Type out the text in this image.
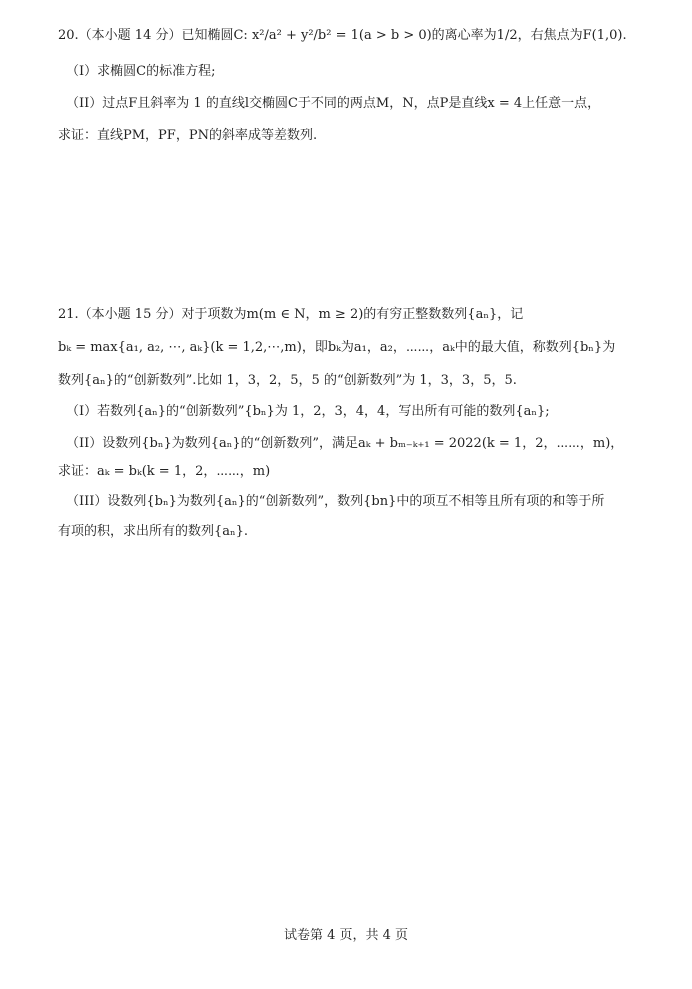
20.（本小题 14 分）已知椭圆C: x²/a² + y²/b² = 1(a > b > 0)的离心率为1/2，右焦点为F(1,0).
（I）求椭圆C的标准方程;
（II）过点F且斜率为 1 的直线l交椭圆C于不同的两点M，N，点P是直线x = 4上任意一点，
求证：直线PM，PF，PN的斜率成等差数列.
21.（本小题 15 分）对于项数为m(m ∈ N，m ≥ 2)的有穷正整数数列{aₙ}，记
bₖ = max{a₁, a₂, ⋯, aₖ}(k = 1,2,⋯,m)，即bₖ为a₁，a₂，⋯⋯，aₖ中的最大值，称数列{bₙ}为
数列{aₙ}的“创新数列”.比如 1，3，2，5，5 的“创新数列”为 1，3，3，5，5.
（I）若数列{aₙ}的“创新数列”{bₙ}为 1，2，3，4，4，写出所有可能的数列{aₙ};
（II）设数列{bₙ}为数列{aₙ}的“创新数列”，满足aₖ + bₘ₋ₖ₊₁ = 2022(k = 1，2，⋯⋯，m)，
求证：aₖ = bₖ(k = 1，2，⋯⋯，m)
（III）设数列{bₙ}为数列{aₙ}的“创新数列”，数列{bn}中的项互不相等且所有项的和等于所
有项的积，求出所有的数列{aₙ}.
试卷第 4 页，共 4 页
